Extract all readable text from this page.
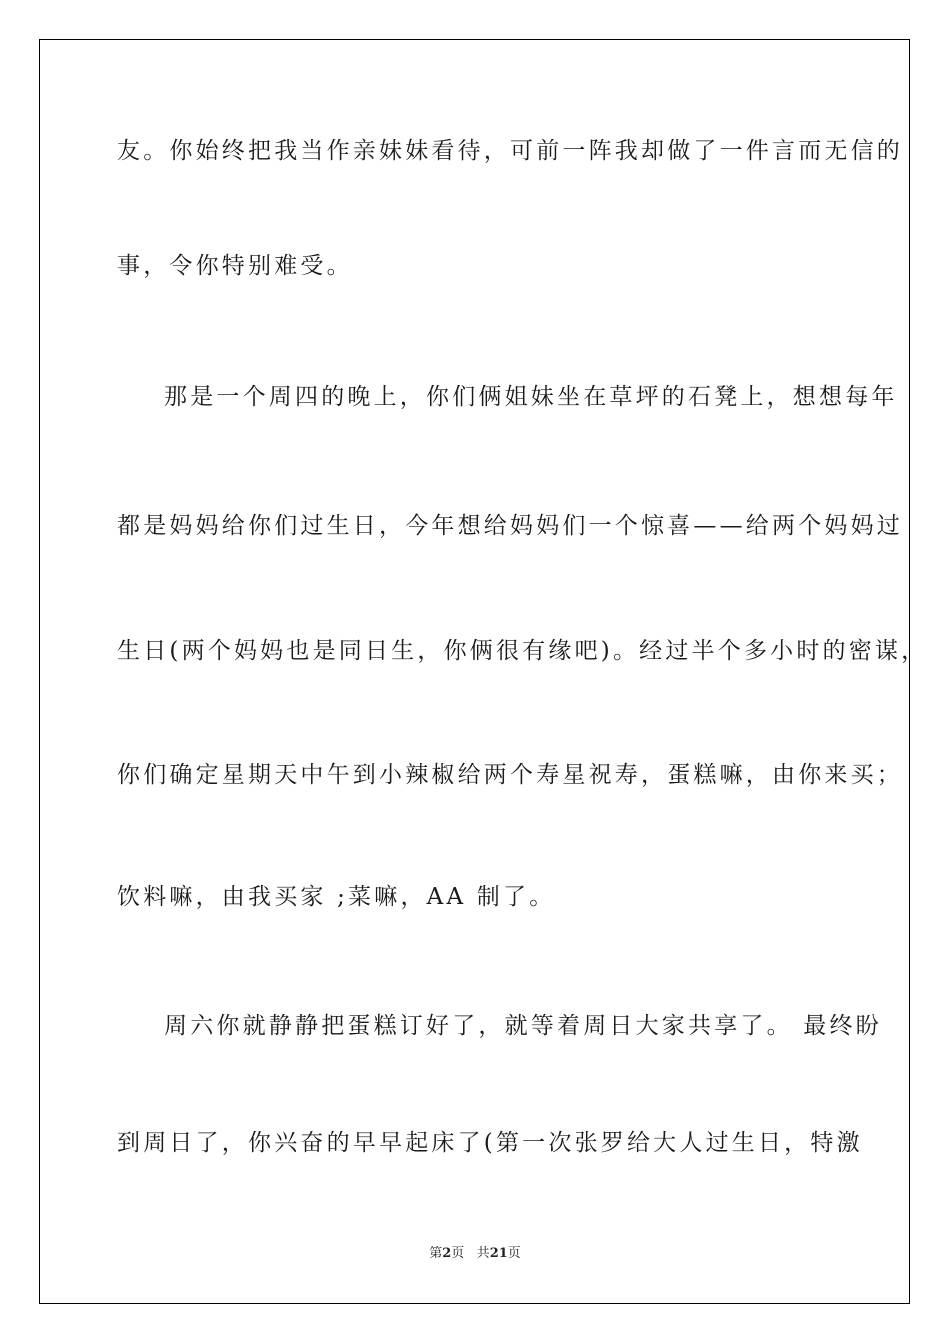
友。你始终把我当作亲妹妹看待，可前一阵我却做了一件言而无信的
事，令你特别难受。
那是一个周四的晚上，你们俩姐妹坐在草坪的石凳上，想想每年
都是妈妈给你们过生日，今年想给妈妈们一个惊喜——给两个妈妈过
生日(两个妈妈也是同日生，你俩很有缘吧)。经过半个多小时的密谋，
你们确定星期天中午到小辣椒给两个寿星祝寿，蛋糕嘛，由你来买；
饮料嘛，由我买家 ;菜嘛，AA 制了。
周六你就静静把蛋糕订好了，就等着周日大家共享了。 最终盼
到周日了，你兴奋的早早起床了(第一次张罗给大人过生日，特激
第2页 共21页
